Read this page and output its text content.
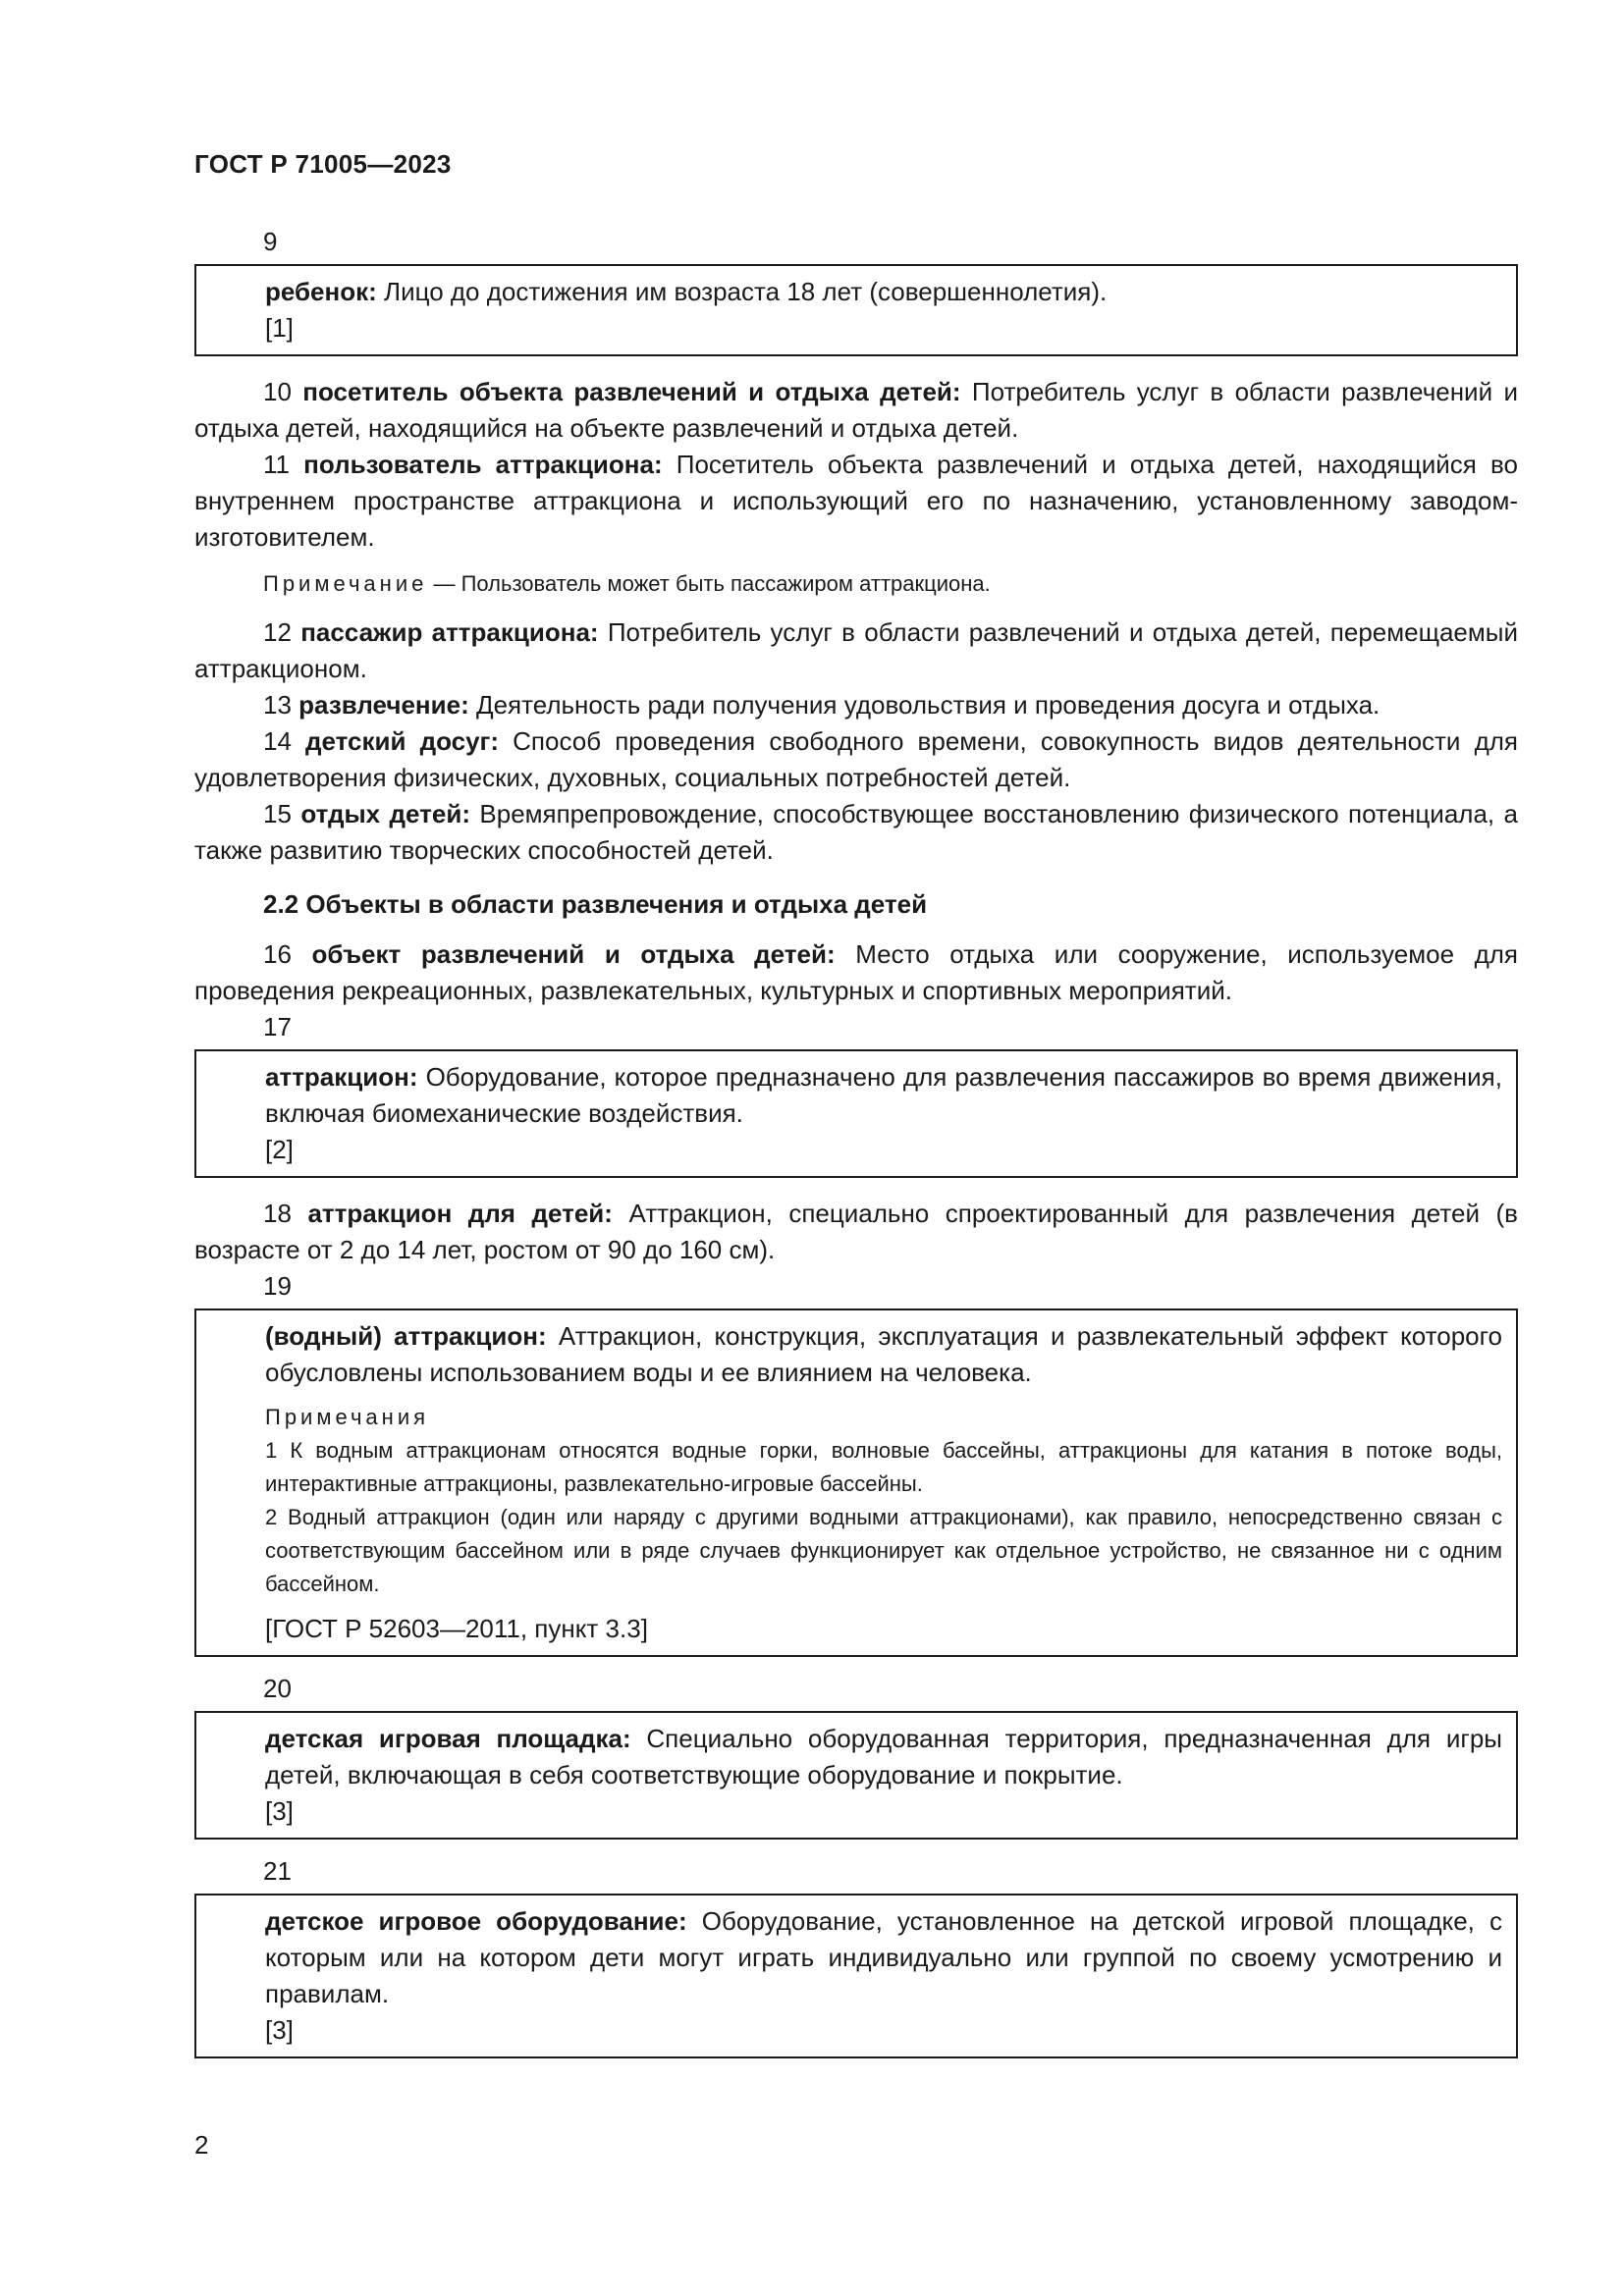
ГОСТ Р 71005—2023

9

ребенок: Лицо до достижения им возраста 18 лет (совершеннолетия).

[1]

10 посетитель объекта развлечений и отдыха детей: Потребитель услуг в области развлечений и отдыха детей, находящийся на объекте развлечений и отдыха детей.

11 пользователь аттракциона: Посетитель объекта развлечений и отдыха детей, находящийся во внутреннем пространстве аттракциона и использующий его по назначению, установленному заводом-изготовителем.

Примечание — Пользователь может быть пассажиром аттракциона.

12 пассажир аттракциона: Потребитель услуг в области развлечений и отдыха детей, перемещаемый аттракционом.

13 развлечение: Деятельность ради получения удовольствия и проведения досуга и отдыха.

14 детский досуг: Способ проведения свободного времени, совокупность видов деятельности для удовлетворения физических, духовных, социальных потребностей детей.

15 отдых детей: Времяпрепровождение, способствующее восстановлению физического потенциала, а также развитию творческих способностей детей.

2.2 Объекты в области развлечения и отдыха детей

16 объект развлечений и отдыха детей: Место отдыха или сооружение, используемое для проведения рекреационных, развлекательных, культурных и спортивных мероприятий.

17

аттракцион: Оборудование, которое предназначено для развлечения пассажиров во время движения, включая биомеханические воздействия.

[2]

18 аттракцион для детей: Аттракцион, специально спроектированный для развлечения детей (в возрасте от 2 до 14 лет, ростом от 90 до 160 см).

19

(водный) аттракцион: Аттракцион, конструкция, эксплуатация и развлекательный эффект которого обусловлены использованием воды и ее влиянием на человека.

Примечания

1 К водным аттракционам относятся водные горки, волновые бассейны, аттракционы для катания в потоке воды, интерактивные аттракционы, развлекательно-игровые бассейны.

2 Водный аттракцион (один или наряду с другими водными аттракционами), как правило, непосредственно связан с соответствующим бассейном или в ряде случаев функционирует как отдельное устройство, не связанное ни с одним бассейном.

[ГОСТ Р 52603—2011, пункт 3.3]

20

детская игровая площадка: Специально оборудованная территория, предназначенная для игры детей, включающая в себя соответствующие оборудование и покрытие.

[3]

21

детское игровое оборудование: Оборудование, установленное на детской игровой площадке, с которым или на котором дети могут играть индивидуально или группой по своему усмотрению и правилам.

[3]

2
